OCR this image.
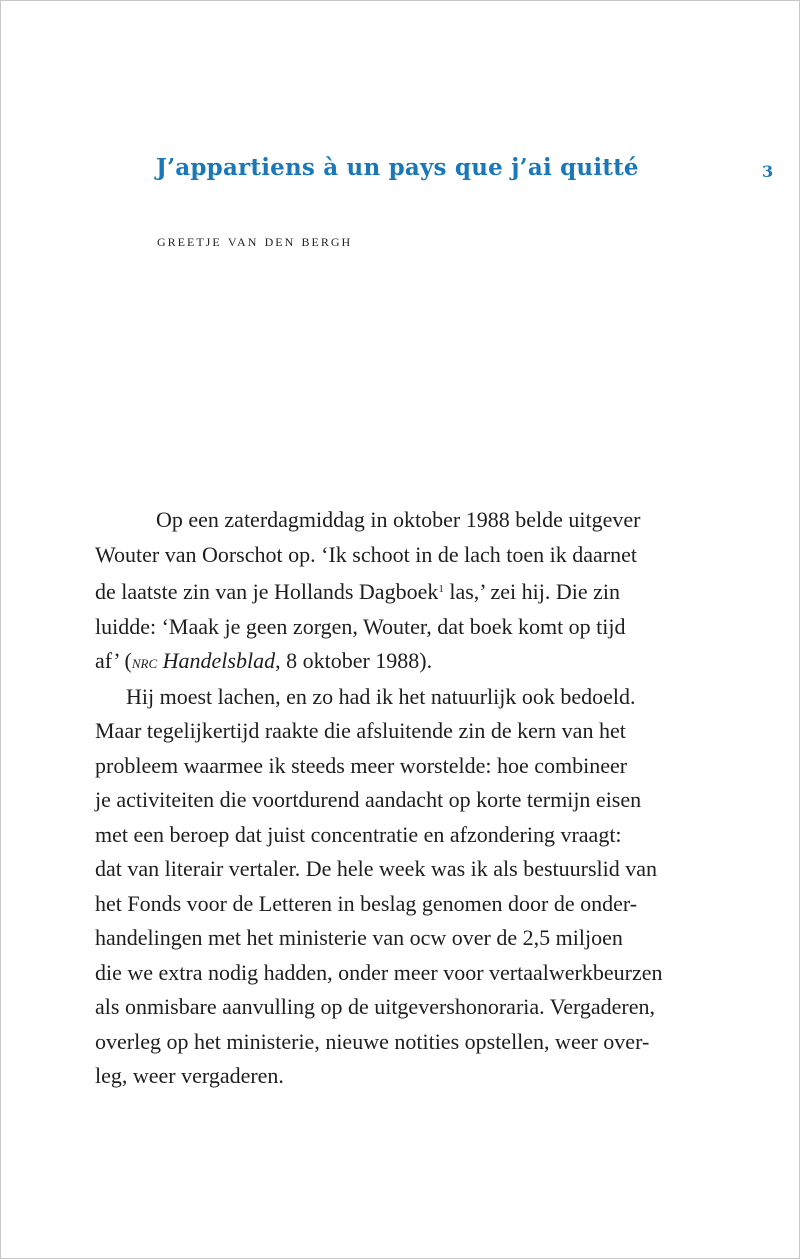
J’appartiens à un pays que j’ai quitté	3
greetje van den bergh
Op een zaterdagmiddag in oktober 1988 belde uitgever
Wouter van Oorschot op. ‘Ik schoot in de lach toen ik daarnet
de laatste zin van je Hollands Dagboek$^1$ las,’ zei hij. Die zin
luidde: ‘Maak je geen zorgen, Wouter, dat boek komt op tijd
af’ (nrc Handelsblad, 8 oktober 1988).
Hij moest lachen, en zo had ik het natuurlijk ook bedoeld.
Maar tegelijkertijd raakte die afsluitende zin de kern van het
probleem waarmee ik steeds meer worstelde: hoe combineer
je activiteiten die voortdurend aandacht op korte termijn eisen
met een beroep dat juist concentratie en afzondering vraagt:
dat van literair vertaler. De hele week was ik als bestuurslid van
het Fonds voor de Letteren in beslag genomen door de onder-
handelingen met het ministerie van ocw over de 2,5 miljoen
die we extra nodig hadden, onder meer voor vertaalwerkbeurzen
als onmisbare aanvulling op de uitgevershonoraria. Vergaderen,
overleg op het ministerie, nieuwe notities opstellen, weer over-
leg, weer vergaderen.
